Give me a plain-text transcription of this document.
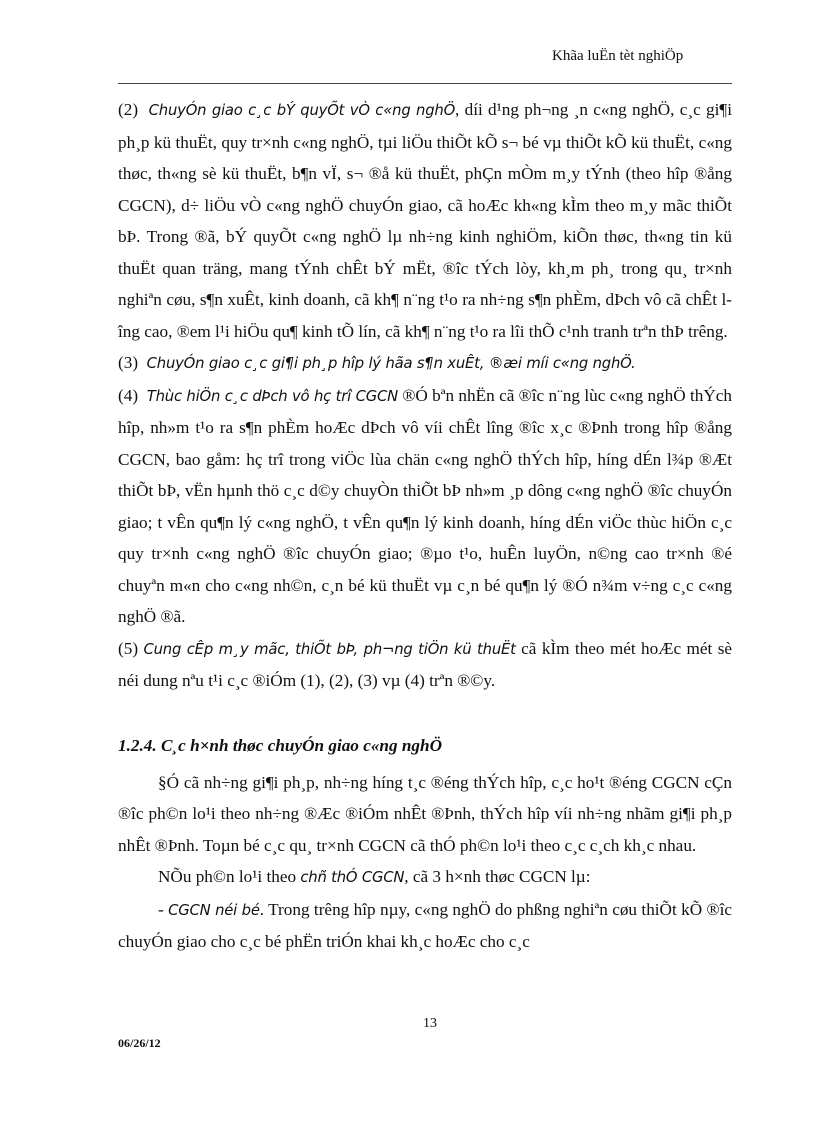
Khãa luËn tèt nghiÖp

(2) ChuyÓn giao c¸c bÝ quyÕt vÒ c«ng nghÖ, díi d¹ng ph¬ng ¸n c«ng nghÖ, c¸c gi¶i ph¸p kü thuËt, quy tr×nh c«ng nghÖ, tµi liÖu thiÕt kÕ s¬ bé vµ thiÕt kÕ kü thuËt, c«ng thøc, th«ng sè kü thuËt, b¶n vÏ, s¬ ®å kü thuËt, phÇn mÒm m¸y tÝnh (theo hîp ®ång CGCN), d÷ liÖu vÒ c«ng nghÖ chuyÓn giao, cã hoÆc kh«ng kÌm theo m¸y mãc thiÕt bÞ. Trong ®ã, bÝ quyÕt c«ng nghÖ lµ nh÷ng kinh nghiÖm, kiÕn thøc, th«ng tin kü thuËt quan träng, mang tÝnh chÊt bÝ mËt, ®îc tÝch lòy, kh¸m ph¸ trong qu¸ tr×nh nghiªn cøu, s¶n xuÊt, kinh doanh, cã kh¶ n¨ng t¹o ra nh÷ng s¶n phÈm, dÞch vô cã chÊt lîng cao, ®em l¹i hiÖu qu¶ kinh tÕ lín, cã kh¶ n¨ng t¹o ra lîi thÕ c¹nh tranh trªn thÞ trêng.

(3) ChuyÓn giao c¸c gi¶i ph¸p hîp lý hãa s¶n xuÊt, ®æi míi c«ng nghÖ.

(4) Thùc hiÖn c¸c dÞch vô hç trî CGCN ®Ó bªn nhËn cã ®îc n¨ng lùc c«ng nghÖ thÝch hîp, nh»m t¹o ra s¶n phÈm hoÆc dÞch vô víi chÊt lîng ®îc x¸c ®Þnh trong hîp ®ång CGCN, bao gåm: hç trî trong viÖc lùa chän c«ng nghÖ thÝch hîp, híng dÉn l¾p ®Æt thiÕt bÞ, vËn hµnh thö c¸c d©y chuyÒn thiÕt bÞ nh»m ¸p dông c«ng nghÖ ®îc chuyÓn giao; t vÊn qu¶n lý c«ng nghÖ, t vÊn qu¶n lý kinh doanh, híng dÉn viÖc thùc hiÖn c¸c quy tr×nh c«ng nghÖ ®îc chuyÓn giao; ®µo t¹o, huÊn luyÖn, n©ng cao tr×nh ®é chuyªn m«n cho c«ng nh©n, c¸n bé kü thuËt vµ c¸n bé qu¶n lý ®Ó n¾m v÷ng c¸c c«ng nghÖ ®ã.

(5) Cung cÊp m¸y mãc, thiÕt bÞ, ph¬ng tiÖn kü thuËt cã kÌm theo mét hoÆc mét sè néi dung nªu t¹i c¸c ®iÓm (1), (2), (3) vµ (4) trªn ®©y.

1.2.4. C¸c h×nh thøc chuyÓn giao c«ng nghÖ

§Ó cã nh÷ng gi¶i ph¸p, nh÷ng híng t¸c ®éng thÝch hîp, c¸c ho¹t ®éng CGCN cÇn ®îc ph©n lo¹i theo nh÷ng ®Æc ®iÓm nhÊt ®Þnh, thÝch hîp víi nh÷ng nhãm gi¶i ph¸p nhÊt ®Þnh. Toµn bé c¸c qu¸ tr×nh CGCN cã thÓ ph©n lo¹i theo c¸c c¸ch kh¸c nhau.

NÕu ph©n lo¹i theo chñ thÓ CGCN, cã 3 h×nh thøc CGCN lµ:

- CGCN néi bé. Trong trêng hîp nµy, c«ng nghÖ do phßng nghiªn cøu thiÕt kÕ ®îc chuyÓn giao cho c¸c bé phËn triÓn khai kh¸c hoÆc cho c¸c

13
06/26/12
